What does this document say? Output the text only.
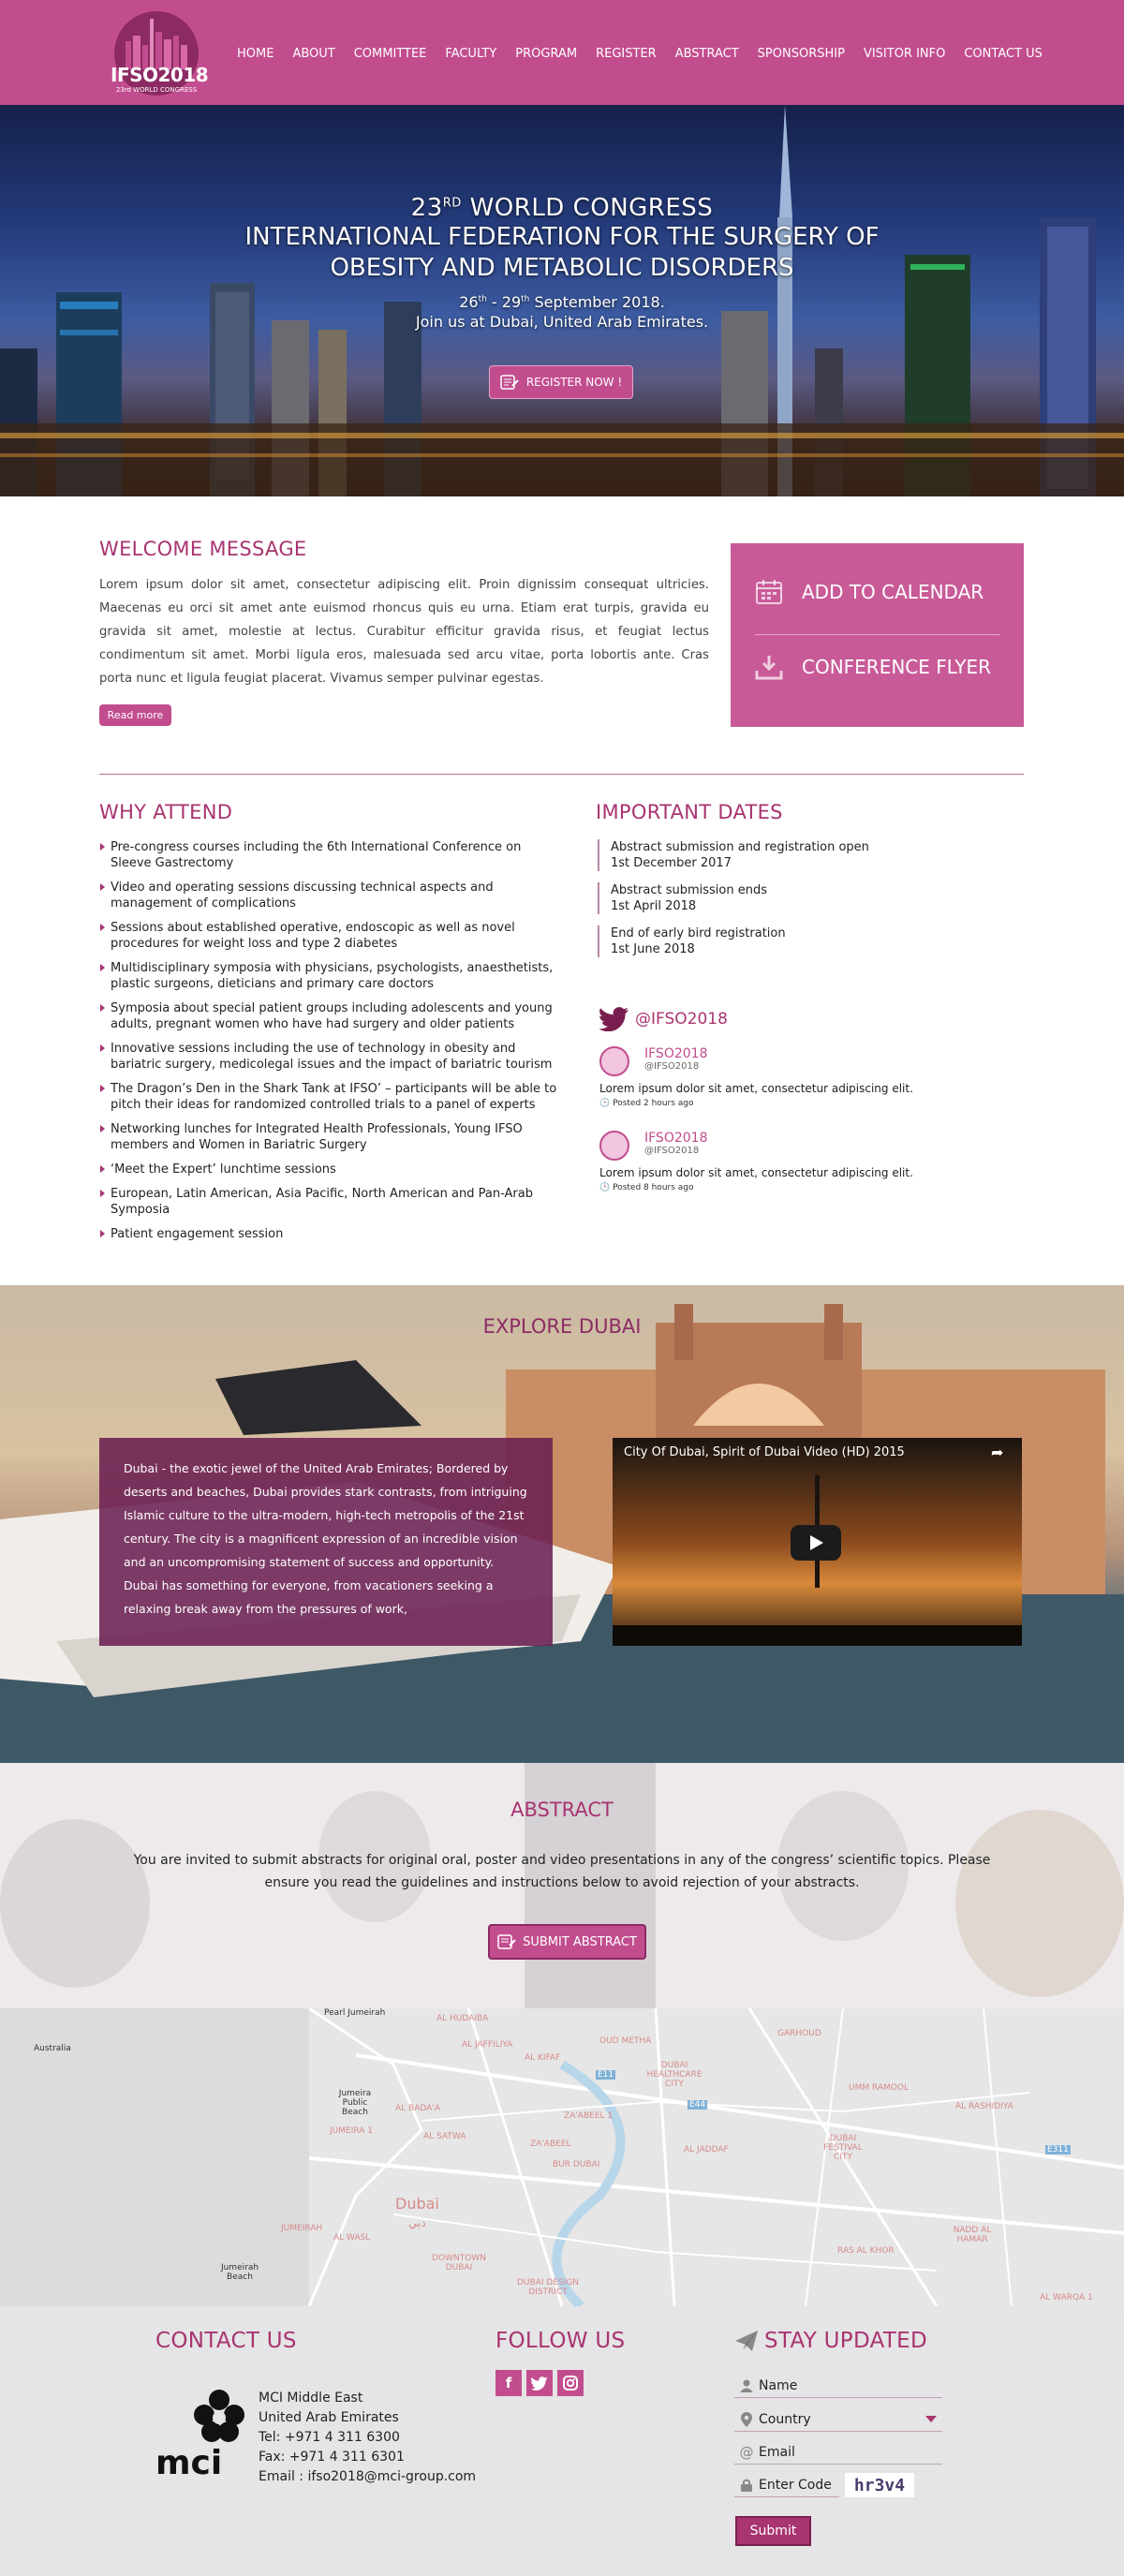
IFSO2018
23rd WORLD CONGRESS
HOME ABOUT COMMITTEE FACULTY PROGRAM REGISTER ABSTRACT SPONSORSHIP VISITOR INFO CONTACT US
23RD WORLD CONGRESS
INTERNATIONAL FEDERATION FOR THE SURGERY OF
OBESITY AND METABOLIC DISORDERS
26th - 29th September 2018.
Join us at Dubai, United Arab Emirates.
REGISTER NOW !
WELCOME MESSAGE
Lorem ipsum dolor sit amet, consectetur adipiscing elit. Proin dignissim consequat ultricies. Maecenas eu orci sit amet ante euismod rhoncus quis eu urna. Etiam erat turpis, gravida eu gravida sit amet, molestie at lectus. Curabitur efficitur gravida risus, et feugiat lectus condimentum sit amet. Morbi ligula eros, malesuada sed arcu vitae, porta lobortis ante. Cras porta nunc et ligula feugiat placerat. Vivamus semper pulvinar egestas.
Read more
ADD TO CALENDAR
CONFERENCE FLYER
WHY ATTEND
Pre-congress courses including the 6th International Conference on Sleeve Gastrectomy
Video and operating sessions discussing technical aspects and management of complications
Sessions about established operative, endoscopic as well as novel procedures for weight loss and type 2 diabetes
Multidisciplinary symposia with physicians, psychologists, anaesthetists, plastic surgeons, dieticians and primary care doctors
Symposia about special patient groups including adolescents and young adults, pregnant women who have had surgery and older patients
Innovative sessions including the use of technology in obesity and bariatric surgery, medicolegal issues and the impact of bariatric tourism
The Dragon’s Den in the Shark Tank at IFSO’ – participants will be able to pitch their ideas for randomized controlled trials to a panel of experts
Networking lunches for Integrated Health Professionals, Young IFSO members and Women in Bariatric Surgery
‘Meet the Expert’ lunchtime sessions
European, Latin American, Asia Pacific, North American and Pan-Arab Symposia
Patient engagement session
IMPORTANT DATES
Abstract submission and registration open
1st December 2017
Abstract submission ends
1st April 2018
End of early bird registration
1st June 2018
@IFSO2018
IFSO2018
@IFSO2018
Lorem ipsum dolor sit amet, consectetur adipiscing elit.
🕒 Posted 2 hours ago
IFSO2018
@IFSO2018
Lorem ipsum dolor sit amet, consectetur adipiscing elit.
🕒 Posted 8 hours ago
EXPLORE DUBAI
Dubai - the exotic jewel of the United Arab Emirates; Bordered by deserts and beaches, Dubai provides stark contrasts, from intriguing Islamic culture to the ultra-modern, high-tech metropolis of the 21st century. The city is a magnificent expression of an incredible vision and an uncompromising statement of success and opportunity. Dubai has something for everyone, from vacationers seeking a relaxing break away from the pressures of work,
City Of Dubai, Spirit of Dubai Video (HD) 2015	➦
ABSTRACT
You are invited to submit abstracts for original oral, poster and video presentations in any of the congress’ scientific topics. Please ensure you read the guidelines and instructions below to avoid rejection of your abstracts.
SUBMIT ABSTRACT
Pearl Jumeirah
AL HUDAIBA
AL JAFFILIYA
AL KIFAF
OUD METHA
DUBAI HEALTHCARE CITY
GARHOUD
UMM RAMOOL
AL RASHIDIYA
AL BADA'A
ZA'ABEEL 1
AL JADDAF
DUBAI FESTIVAL CITY
JUMEIRA 1
AL SATWA
ZA'ABEEL
BUR DUBAI
JUMEIRAH
AL WASL
Dubai
دبي
DOWNTOWN DUBAI
NADD AL HAMAR
RAS AL KHOR
AL WARQA 1
DUBAI DESIGN DISTRICT
Australia
Jumeira Public Beach
Jumeirah Beach
E11
E44
E311
CONTACT US
mci
MCI Middle East
United Arab Emirates
Tel: +971 4 311 6300
Fax: +971 4 311 6301
Email : ifso2018@mci-group.com
FOLLOW US
f
STAY UPDATED
Name
Country
@ Email
Enter Code	hr3v4
Submit
